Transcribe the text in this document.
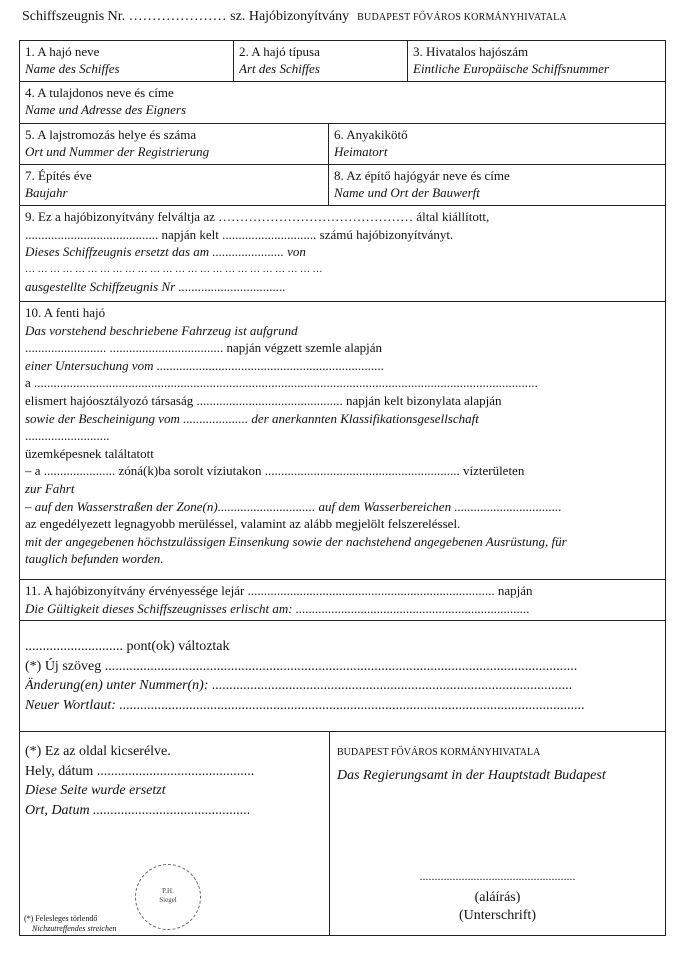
Schiffszeugnis Nr. ………………… sz. Hajóbizonyítvány BUDAPEST FŐVÁROS KORMÁNYHIVATALA
1. A hajó neve
Name des Schiffes
2. A hajó típusa
Art des Schiffes
3. Hivatalos hajószám
Eintliche Europäische Schiffsnummer
4. A tulajdonos neve és címe
Name und Adresse des Eigners
5. A lajstromozás helye és száma
Ort und Nummer der Registrierung
6. Anyakikötő
Heimatort
7. Építés éve
Baujahr
8. Az építő hajógyár neve és címe
Name und Ort der Bauwerft
9. Ez a hajóbizonyítvány felváltja az ……………………………………… által kiállított,
......................................... napján kelt ............................. számú hajóbizonyítványt.
Dieses Schiffzeugnis ersetzt das am ...................... von
… … … … … … … … … … … … … … … … … … … … … … … …
ausgestellte Schiffzeugnis Nr .................................
10. A fenti hajó
Das vorstehend beschriebene Fahrzeug ist aufgrund
......................... ................................... napján végzett szemle alapján
einer Untersuchung vom ......................................................................
a ...........................................................................................................................................................
elismert hajóosztályozó társaság ............................................. napján kelt bizonylata alapján
sowie der Bescheinigung vom .................... der anerkannten Klassifikationsgesellschaft
..........................
üzemképesnek találtatott
– a ...................... zóná(k)ba sorolt víziutakon ............................................................ vízterületen
zur Fahrt
– auf den Wasserstraßen der Zone(n).............................. auf dem Wasserbereichen .................................
az engedélyezett legnagyobb merüléssel, valamint az alább megjelölt felszereléssel.
mit der angegebenen höchstzulässigen Einsenkung sowie der nachstehend angegebenen Ausrüstung, für
tauglich befunden worden.
11. A hajóbizonyítvány érvényessége lejár ............................................................................ napján
Die Gültigkeit dieses Schiffszeugnisses erlischt am: ........................................................................
............................ pont(ok) változtak
(*) Új szöveg .......................................................................................................................................
Änderung(en) unter Nummer(n): .......................................................................................................
Neuer Wortlaut: .....................................................................................................................................
(*) Ez az oldal kicserélve.
Hely, dátum .............................................
Diese Seite wurde ersetzt
Ort, Datum .............................................
P.H.
Siegel
(*) Felesleges törlendő
Nichzutreffendes streichen
BUDAPEST FŐVÁROS KORMÁNYHIVATALA
Das Regierungsamt in der Hauptstadt Budapest
....................................................
(aláírás)
(Unterschrift)
